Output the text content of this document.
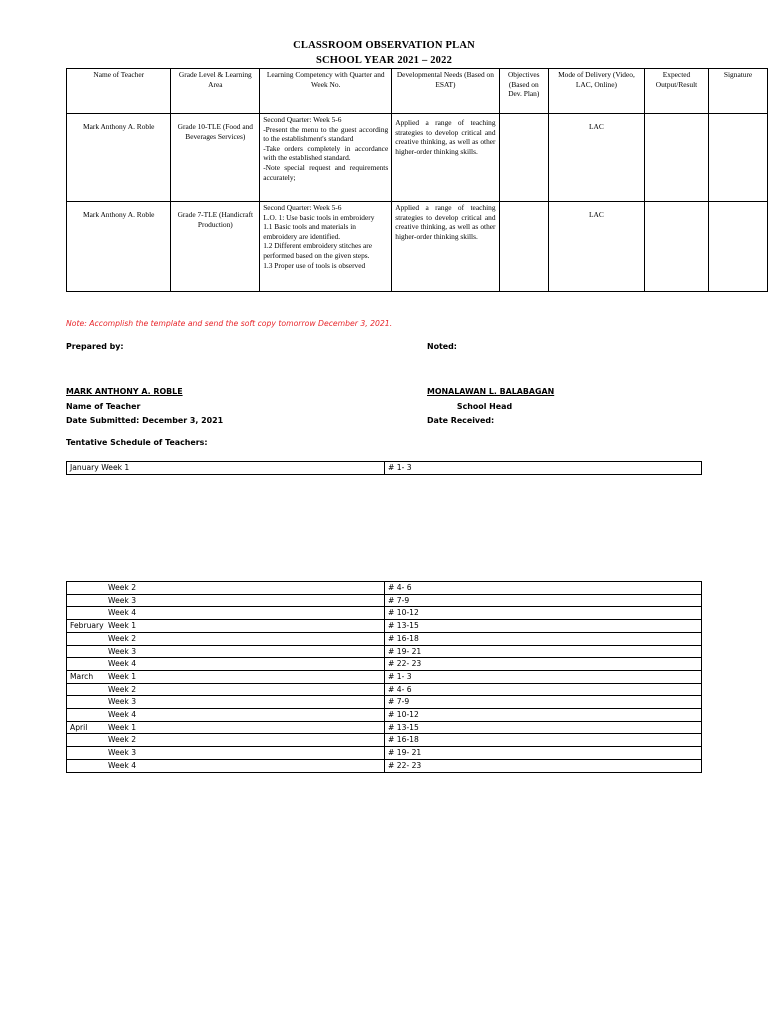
CLASSROOM OBSERVATION PLAN
SCHOOL YEAR 2021 – 2022
Name of Teacher	Grade Level & Learning Area	Learning Competency with Quarter and Week No.	Developmental Needs (Based on ESAT)	Objectives (Based on Dev. Plan)	Mode of Delivery (Video, LAC, Online)	Expected Output/Result	Signature
Mark Anthony A. Roble	Grade 10-TLE (Food and Beverages Services)	Second Quarter: Week 5-6
-Present the menu to the guest according to the establishment's standard
-Take orders completely in accordance with the established standard.
-Note special request and requirements accurately;	Applied a range of teaching strategies to develop critical and creative thinking, as well as other higher-order thinking skills.		LAC		
Mark Anthony A. Roble	Grade 7-TLE (Handicraft Production)	Second Quarter: Week 5-6
L.O. 1: Use basic tools in embroidery
1.1 Basic tools and materials in embroidery are identified.
1.2 Different embroidery stitches are performed based on the given steps.
1.3 Proper use of tools is observed	Applied a range of teaching strategies to develop critical and creative thinking, as well as other higher-order thinking skills.		LAC		
Note: Accomplish the template and send the soft copy tomorrow December 3, 2021.
Prepared by:	Noted:
MARK ANTHONY A. ROBLE	MONALAWAN L. BALABAGAN
Name of Teacher	School Head
Date Submitted: December 3, 2021	Date Received:
Tentative Schedule of Teachers:
January Week 1	# 1- 3
Week 2	# 4- 6
Week 3	# 7-9
Week 4	# 10-12
February Week 1	# 13-15
Week 2	# 16-18
Week 3	# 19- 21
Week 4	# 22- 23
March Week 1	# 1- 3
Week 2	# 4- 6
Week 3	# 7-9
Week 4	# 10-12
April Week 1	# 13-15
Week 2	# 16-18
Week 3	# 19- 21
Week 4	# 22- 23
